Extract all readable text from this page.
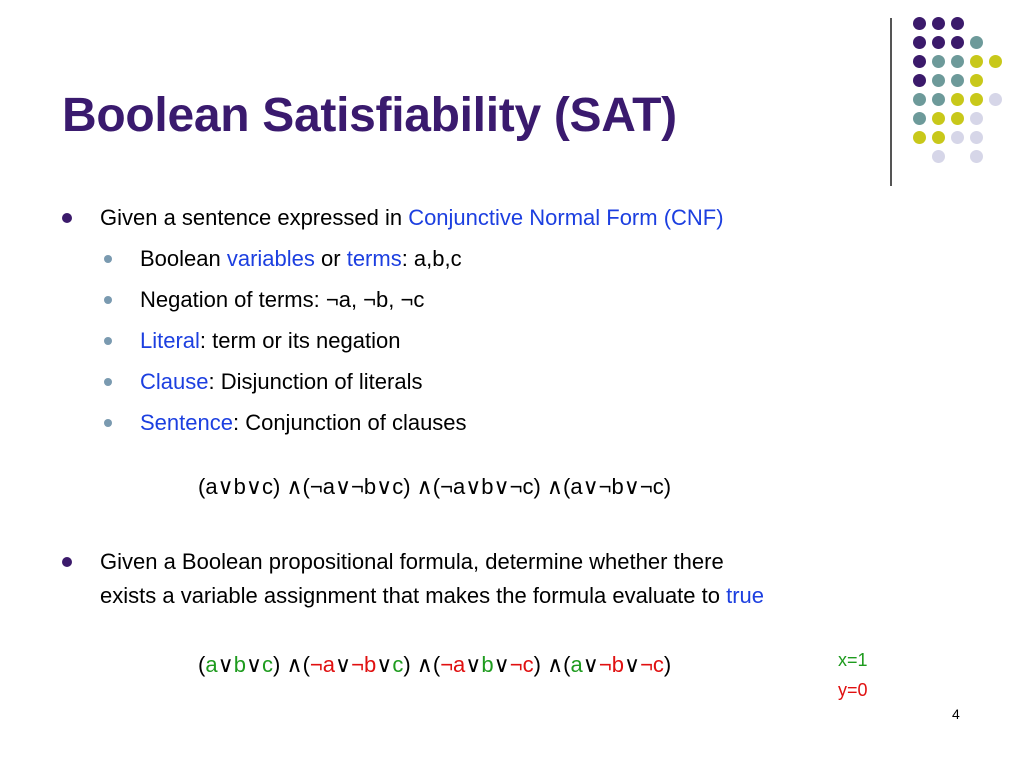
Boolean Satisfiability (SAT)
Given a sentence expressed in Conjunctive Normal Form (CNF)
Boolean variables or terms: a,b,c
Negation of terms: ¬a, ¬b, ¬c
Literal: term or its negation
Clause: Disjunction of literals
Sentence: Conjunction of clauses
(a∨b∨c) ∧(¬a∨¬b∨c) ∧(¬a∨b∨¬c) ∧(a∨¬b∨¬c)
Given a Boolean propositional formula, determine whether there
exists a variable assignment that makes the formula evaluate to true
(a∨b∨c) ∧(¬a∨¬b∨c) ∧(¬a∨b∨¬c) ∧(a∨¬b∨¬c)	x=1
y=0
4
